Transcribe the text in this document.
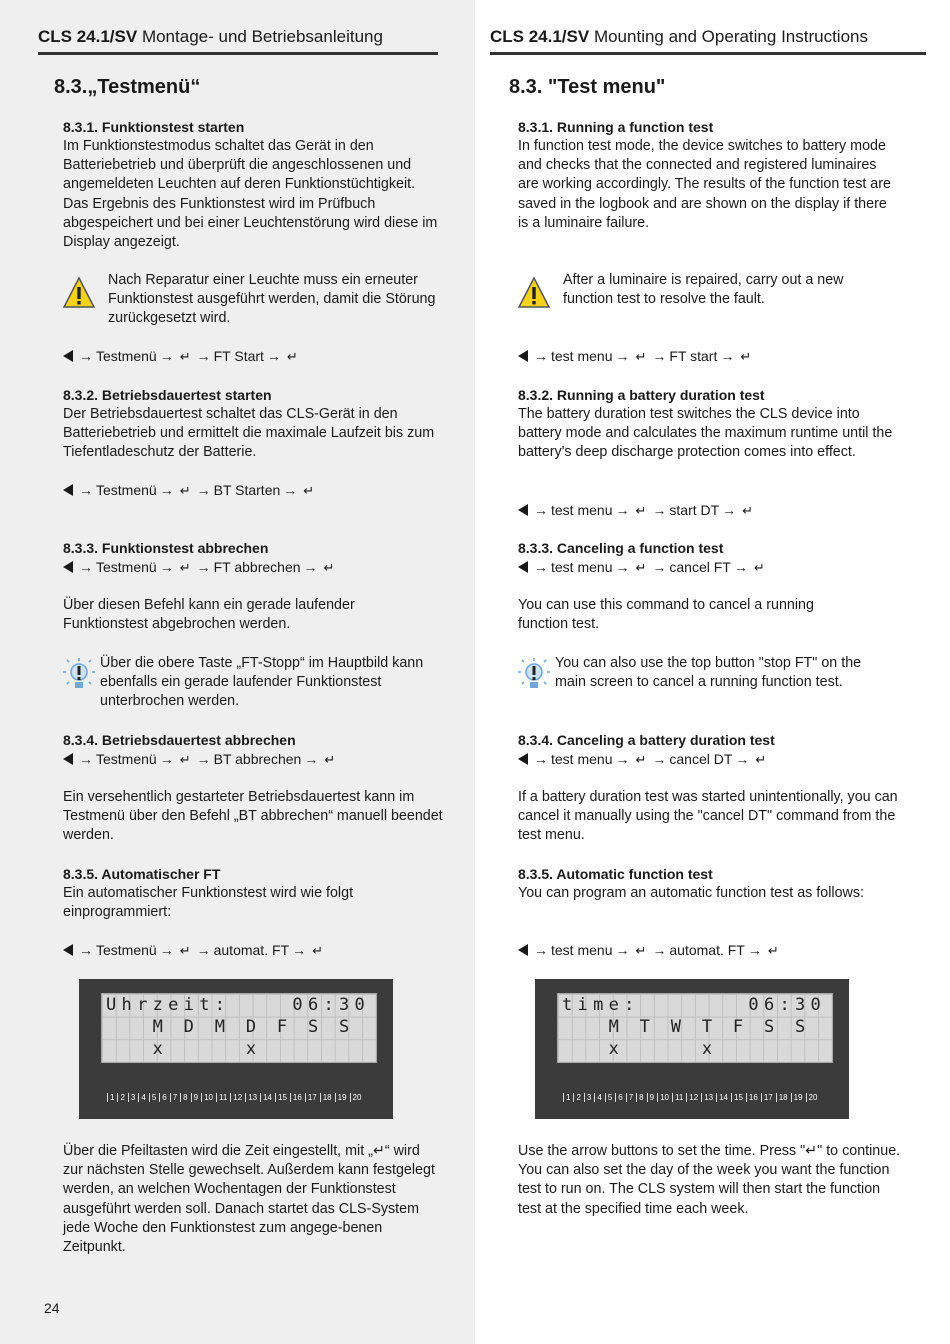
CLS 24.1/SV Montage- und Betriebsanleitung	CLS 24.1/SV Mounting and Operating Instructions
8.3.„Testmenü“
8.3.1. Funktionstest starten
Im Funktionstestmodus schaltet das Gerät in den Batteriebetrieb und überprüft die angeschlossenen und angemeldeten Leuchten auf deren Funktionstüchtigkeit. Das Ergebnis des Funktionstest wird im Prüfbuch abgespeichert und bei einer Leuchtenstörung wird diese im Display angezeigt.
Nach Reparatur einer Leuchte muss ein erneuter Funktionstest ausgeführt werden, damit die Störung zurückgesetzt wird.
→ Testmenü → ↵ → FT Start → ↵
8.3.2. Betriebsdauertest starten
Der Betriebsdauertest schaltet das CLS-Gerät in den Batteriebetrieb und ermittelt die maximale Laufzeit bis zum Tiefentladeschutz der Batterie.
→ Testmenü → ↵ → BT Starten → ↵
8.3.3. Funktionstest abbrechen
→ Testmenü → ↵ → FT abbrechen → ↵
Über diesen Befehl kann ein gerade laufender Funktionstest abgebrochen werden.
Über die obere Taste „FT-Stopp“ im Hauptbild kann ebenfalls ein gerade laufender Funktionstest unterbrochen werden.
8.3.4. Betriebsdauertest abbrechen
→ Testmenü → ↵ → BT abbrechen → ↵
Ein versehentlich gestarteter Betriebsdauertest kann im Testmenü über den Befehl „BT abbrechen“ manuell beendet werden.
8.3.5. Automatischer FT
Ein automatischer Funktionstest wird wie folgt einprogrammiert:
→ Testmenü → ↵ → automat. FT → ↵
Uhrzeit:    06:30
M D M D F S S
x     x
1 2 3 4 5 6 7 8 9 10 11 12 13 14 15 16 17 18 19 20
Über die Pfeiltasten wird die Zeit eingestellt, mit „↵“ wird zur nächsten Stelle gewechselt. Außerdem kann festgelegt werden, an welchen Wochentagen der Funktionstest ausgeführt werden soll. Danach startet das CLS-System jede Woche den Funktionstest zum angege-benen Zeitpunkt.
24
8.3. "Test menu"
8.3.1. Running a function test
In function test mode, the device switches to battery mode and checks that the connected and registered luminaires are working accordingly. The results of the function test are saved in the logbook and are shown on the display if there is a luminaire failure.
After a luminaire is repaired, carry out a new function test to resolve the fault.
→ test menu → ↵ → FT start → ↵
8.3.2. Running a battery duration test
The battery duration test switches the CLS device into battery mode and calculates the maximum runtime until the battery's deep discharge protection comes into effect.
→ test menu → ↵ → start DT → ↵
8.3.3. Canceling a function test
→ test menu → ↵ → cancel FT → ↵
You can use this command to cancel a running function test.
You can also use the top button "stop FT" on the main screen to cancel a running function test.
8.3.4. Canceling a battery duration test
→ test menu → ↵ → cancel DT → ↵
If a battery duration test was started unintentionally, you can cancel it manually using the "cancel DT" command from the test menu.
8.3.5. Automatic function test
You can program an automatic function test as follows:
→ test menu → ↵ → automat. FT → ↵
time:       06:30
M T W T F S S
x     x
1 2 3 4 5 6 7 8 9 10 11 12 13 14 15 16 17 18 19 20
Use the arrow buttons to set the time. Press "↵" to continue. You can also set the day of the week you want the function test to run on. The CLS system will then start the function test at the specified time each week.
